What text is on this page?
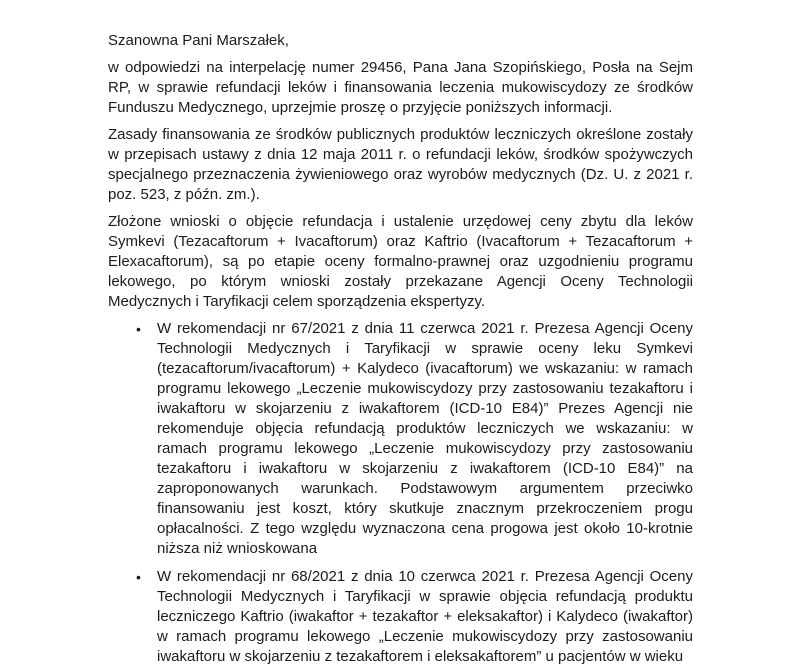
Szanowna Pani Marszałek,

w odpowiedzi na interpelację numer 29456, Pana Jana Szopińskiego, Posła na Sejm RP, w sprawie refundacji leków i finansowania leczenia mukowiscydozy ze środków Funduszu Medycznego, uprzejmie proszę o przyjęcie poniższych informacji.

Zasady finansowania ze środków publicznych produktów leczniczych określone zostały w przepisach ustawy z dnia 12 maja 2011 r. o refundacji leków, środków spożywczych specjalnego przeznaczenia żywieniowego oraz wyrobów medycznych (Dz. U. z 2021 r. poz. 523, z późn. zm.).

Złożone wnioski o objęcie refundacja i ustalenie urzędowej ceny zbytu dla leków Symkevi (Tezacaftorum + Ivacaftorum) oraz Kaftrio (Ivacaftorum + Tezacaftorum + Elexacaftorum), są po etapie oceny formalno-prawnej oraz uzgodnieniu programu lekowego, po którym wnioski zostały przekazane Agencji Oceny Technologii Medycznych i Taryfikacji celem sporządzenia ekspertyzy.

• W rekomendacji nr 67/2021 z dnia 11 czerwca 2021 r. Prezesa Agencji Oceny Technologii Medycznych i Taryfikacji w sprawie oceny leku Symkevi (tezacaftorum/ivacaftorum) + Kalydeco (ivacaftorum) we wskazaniu: w ramach programu lekowego „Leczenie mukowiscydozy przy zastosowaniu tezakaftoru i iwakaftoru w skojarzeniu z iwakaftorem (ICD-10 E84)” Prezes Agencji nie rekomenduje objęcia refundacją produktów leczniczych we wskazaniu: w ramach programu lekowego „Leczenie mukowiscydozy przy zastosowaniu tezakaftoru i iwakaftoru w skojarzeniu z iwakaftorem (ICD-10 E84)” na zaproponowanych warunkach. Podstawowym argumentem przeciwko finansowaniu jest koszt, który skutkuje znacznym przekroczeniem progu opłacalności. Z tego względu wyznaczona cena progowa jest około 10-krotnie niższa niż wnioskowana
• W rekomendacji nr 68/2021 z dnia 10 czerwca 2021 r. Prezesa Agencji Oceny Technologii Medycznych i Taryfikacji w sprawie objęcia refundacją produktu leczniczego Kaftrio (iwakaftor + tezakaftor + eleksakaftor) i Kalydeco (iwakaftor) w ramach programu lekowego „Leczenie mukowiscydozy przy zastosowaniu iwakaftoru w skojarzeniu z tezakaftorem i eleksakaftorem” u pacjentów w wieku
